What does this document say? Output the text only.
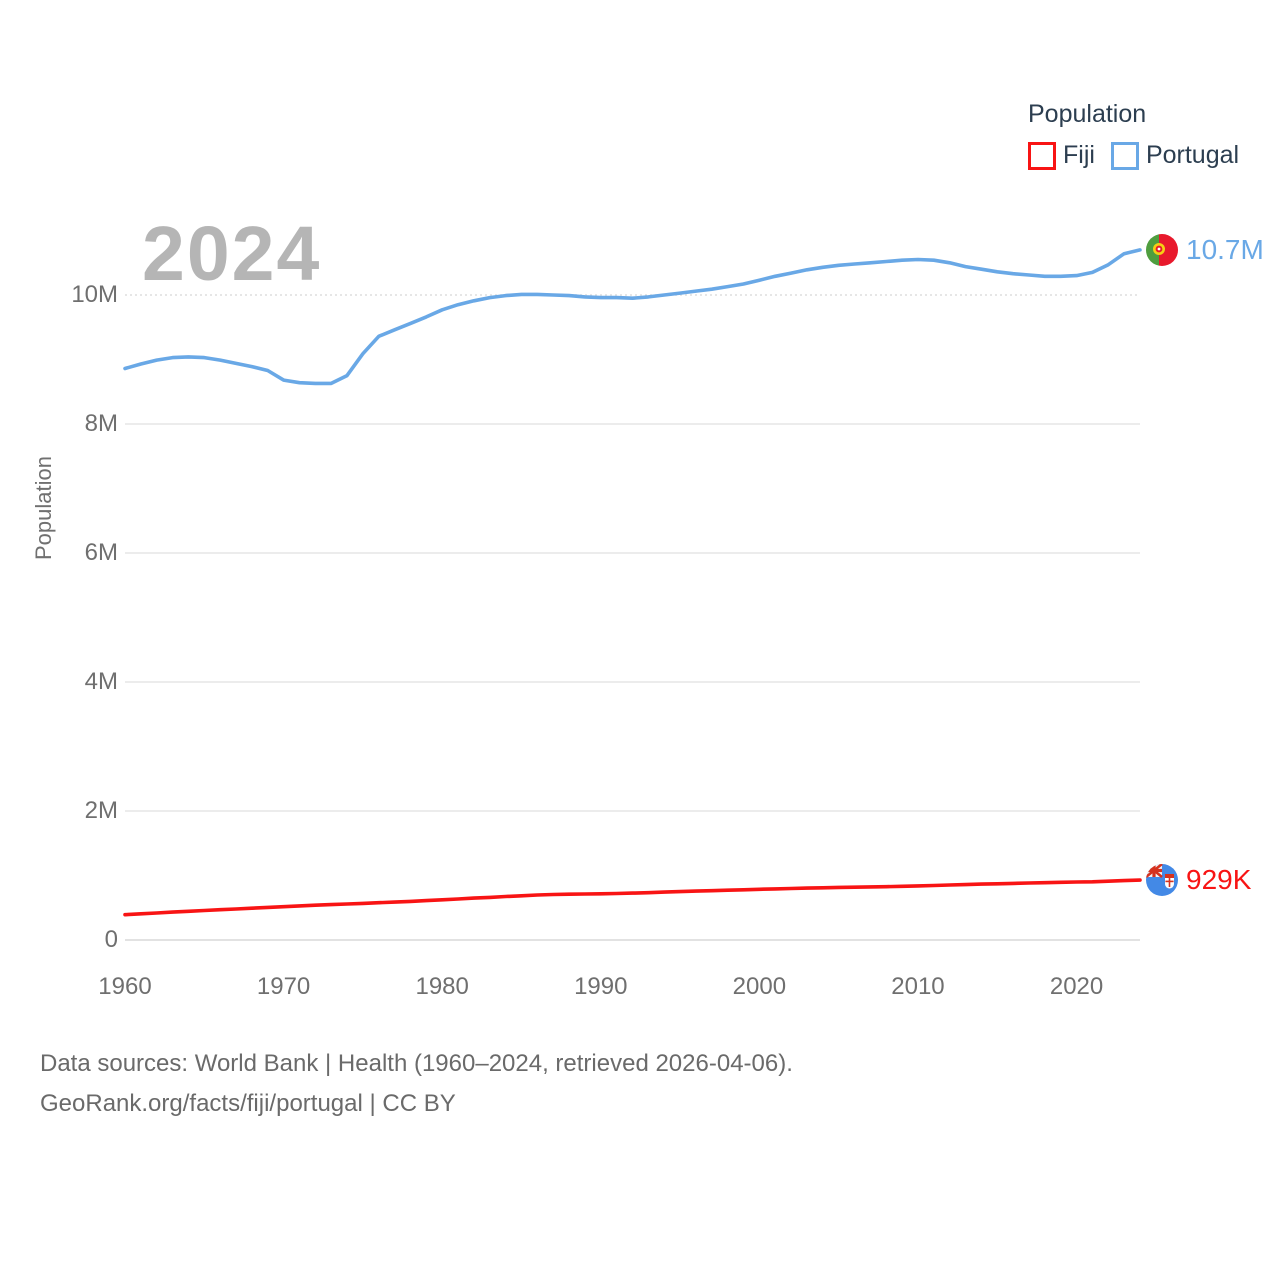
Population
Fiji Portugal
2024
Population
0
2M
4M
6M
8M
10M
1960	1970	1980	1990	2000	2010	2020
10.7M
929K
Data sources: World Bank | Health (1960–2024, retrieved 2026-04-06).
GeoRank.org/facts/fiji/portugal | CC BY
